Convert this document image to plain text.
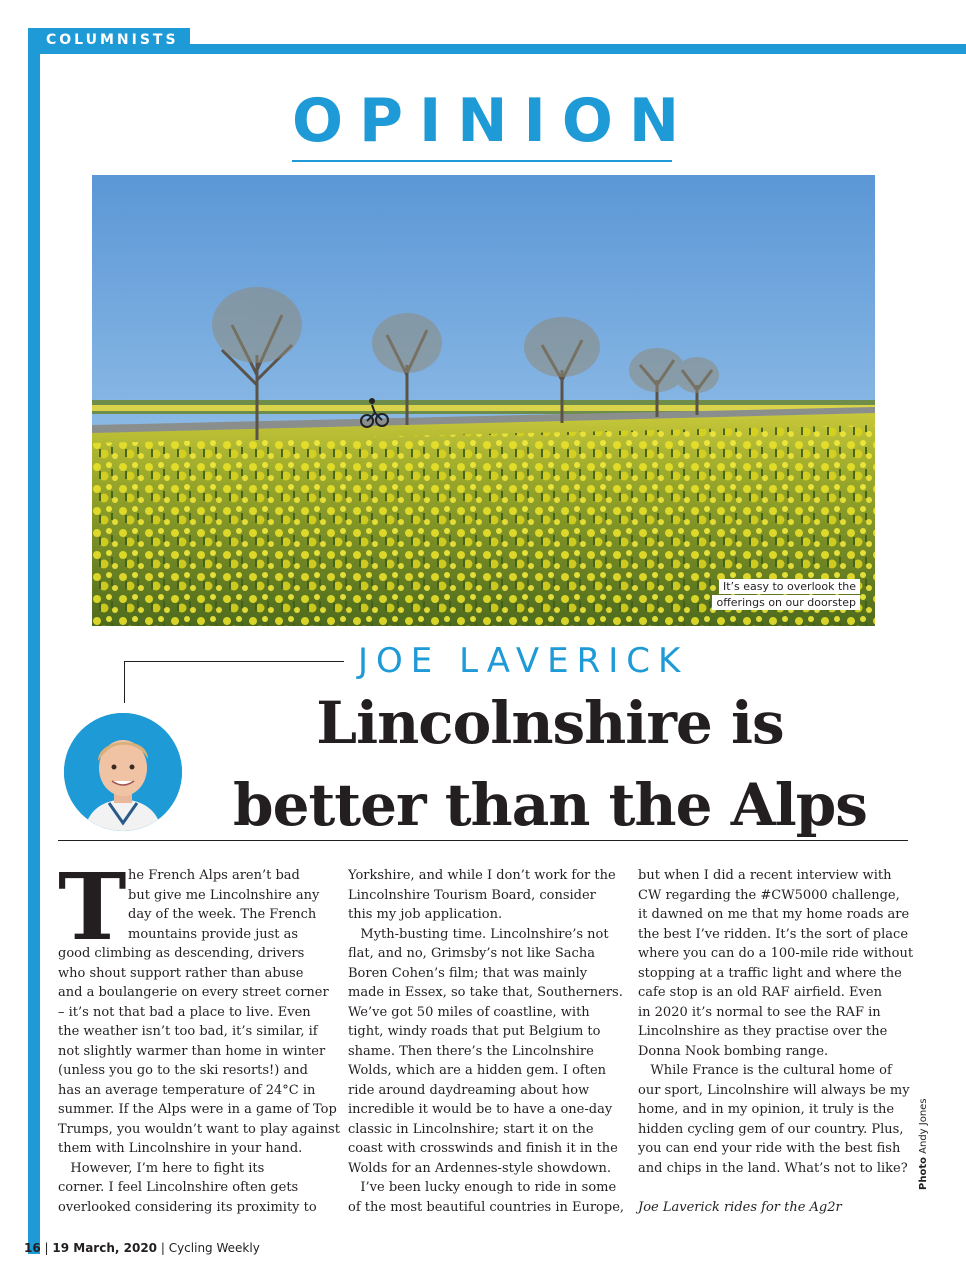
COLUMNISTS
OPINION
It’s easy to overlook the
offerings on our doorstep
JOE LAVERICK
Lincolnshire is
better than the Alps
T he French Alps aren’t bad

but give me Lincolnshire any

day of the week. The French

mountains provide just as

good climbing as descending, drivers

who shout support rather than abuse

and a boulangerie on every street corner

– it’s not that bad a place to live. Even

the weather isn’t too bad, it’s similar, if

not slightly warmer than home in winter

(unless you go to the ski resorts!) and

has an average temperature of 24°C in

summer. If the Alps were in a game of Top

Trumps, you wouldn’t want to play against

them with Lincolnshire in your hand.

However, I’m here to fight its

corner. I feel Lincolnshire often gets

overlooked considering its proximity to

Yorkshire, and while I don’t work for the

Lincolnshire Tourism Board, consider

this my job application.

Myth-busting time. Lincolnshire’s not

flat, and no, Grimsby’s not like Sacha

Boren Cohen’s film; that was mainly

made in Essex, so take that, Southerners.

We’ve got 50 miles of coastline, with

tight, windy roads that put Belgium to

shame. Then there’s the Lincolnshire

Wolds, which are a hidden gem. I often

ride around daydreaming about how

incredible it would be to have a one-day

classic in Lincolnshire; start it on the

coast with crosswinds and finish it in the

Wolds for an Ardennes-style showdown.

I’ve been lucky enough to ride in some

of the most beautiful countries in Europe,

but when I did a recent interview with

CW regarding the #CW5000 challenge,

it dawned on me that my home roads are

the best I’ve ridden. It’s the sort of place

where you can do a 100-mile ride without

stopping at a traffic light and where the

cafe stop is an old RAF airfield. Even

in 2020 it’s normal to see the RAF in

Lincolnshire as they practise over the

Donna Nook bombing range.

While France is the cultural home of

our sport, Lincolnshire will always be my

home, and in my opinion, it truly is the

hidden cycling gem of our country. Plus,

you can end your ride with the best fish

and chips in the land. What’s not to like?

Joe Laverick rides for the Ag2r

Photo Andy Jones
16 | 19 March, 2020 | Cycling Weekly
